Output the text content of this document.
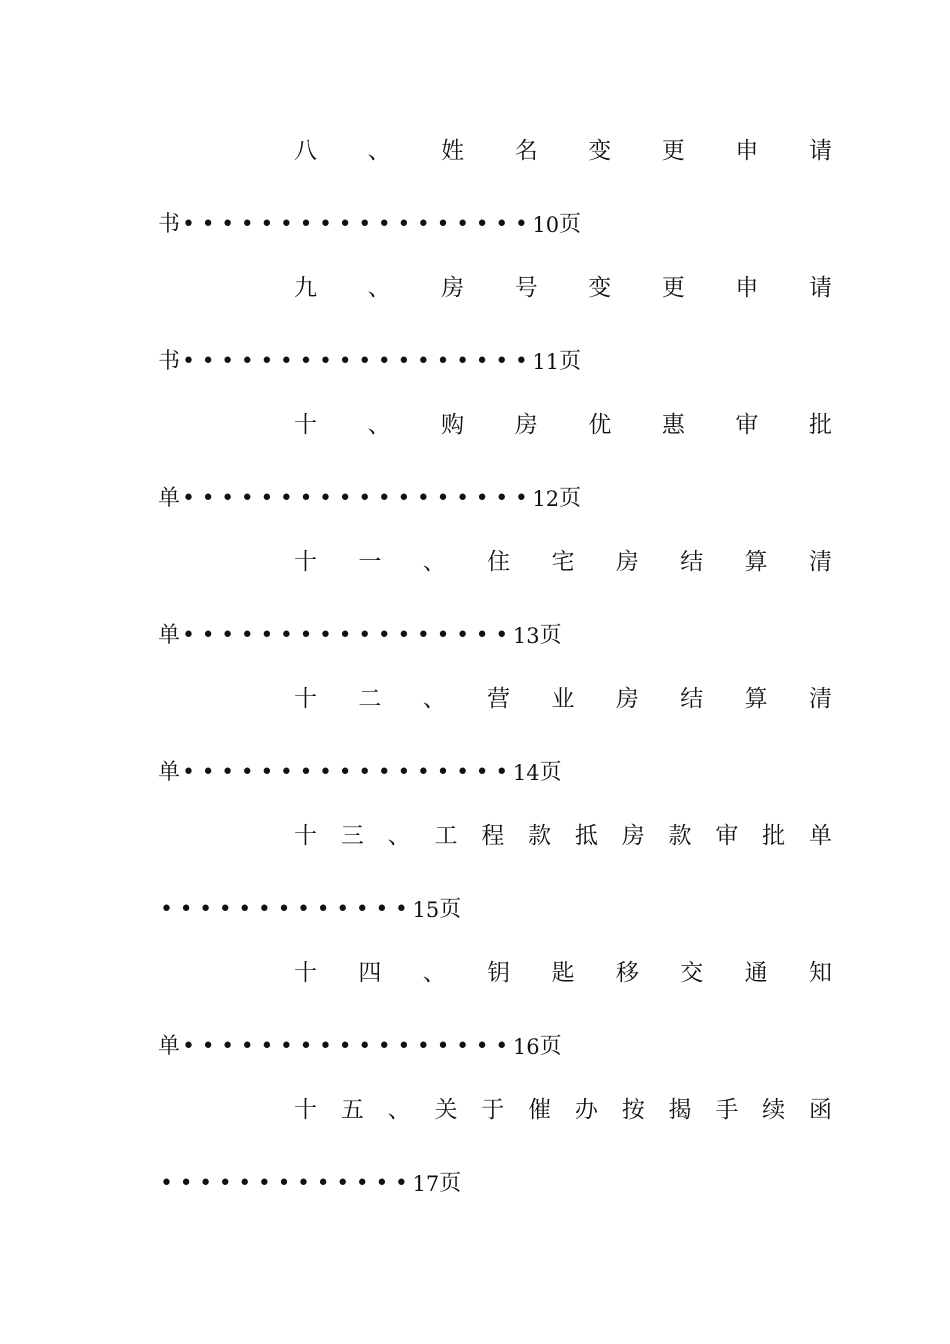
八 、 姓 名 变 更 申 请
书 ••••••••••••••••••
10 页
九 、 房 号 变 更 申 请
书 ••••••••••••••••••
11 页
十 、 购 房 优 惠 审 批
单 ••••••••••••••••••
12 页
十 一 、 住 宅 房 结 算 清
单 •••••••••••••••••
13 页
十 二 、 营 业 房 结 算 清
单 •••••••••••••••••
14 页
十 三 、 工 程 款 抵 房 款 审 批 单
•••••••••••••
15 页
十 四 、 钥 匙 移 交 通 知
单 •••••••••••••••••
16 页
十 五 、 关 于 催 办 按 揭 手 续 函
•••••••••••••
17 页
